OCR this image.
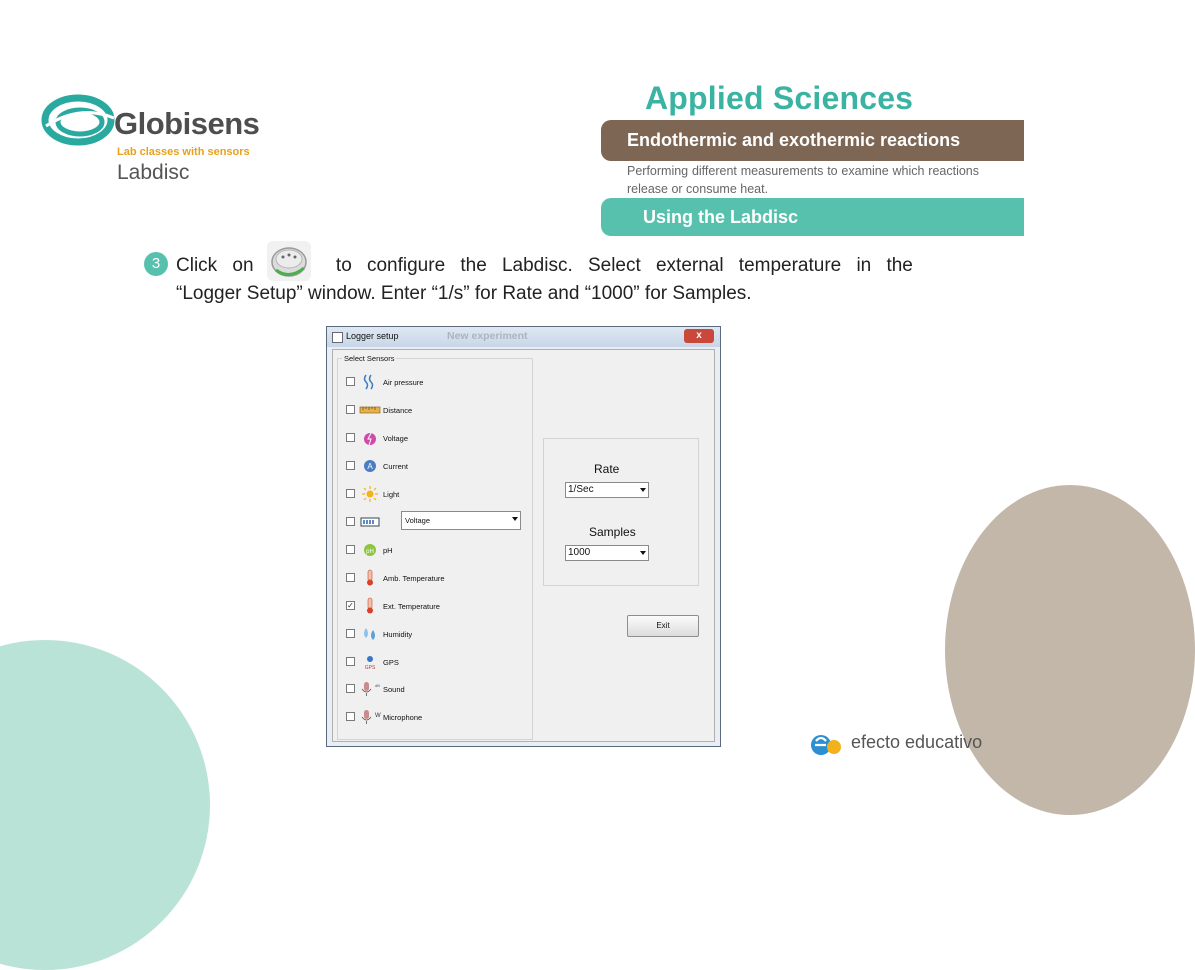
Globisens
Lab classes with sensors
Labdisc
Applied Sciences
Endothermic and exothermic reactions
Performing different measurements to examine which reactions release or consume heat.
Using the Labdisc
3 Click on	to configure the Labdisc. Select external temperature in the
“Logger Setup” window. Enter “1/s” for Rate and “1000” for Samples.
Logger setup	New experiment	x
Select Sensors
Air pressure
Distance
Voltage
A Current
Light
Voltage
pH pH
Amb. Temperature
✓	Ext. Temperature
Humidity
GPS
GPS
dB Sound
W Microphone
Rate
1/Sec
Samples
1000
Exit
efecto educativo
